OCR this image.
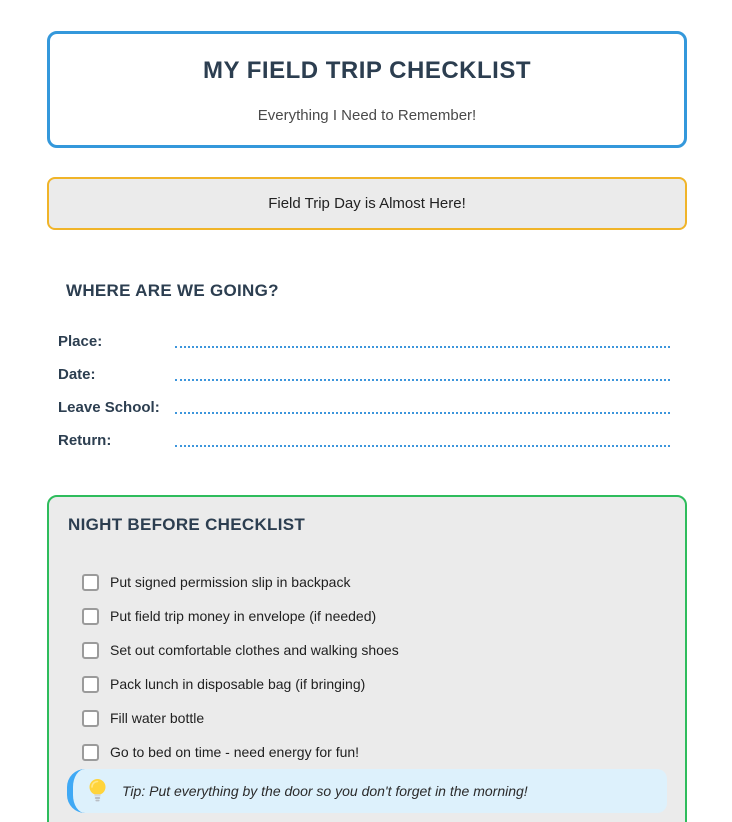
MY FIELD TRIP CHECKLIST
Everything I Need to Remember!
Field Trip Day is Almost Here!
WHERE ARE WE GOING?
Place:
Date:
Leave School:
Return:
NIGHT BEFORE CHECKLIST
Put signed permission slip in backpack
Put field trip money in envelope (if needed)
Set out comfortable clothes and walking shoes
Pack lunch in disposable bag (if bringing)
Fill water bottle
Go to bed on time - need energy for fun!
Tip: Put everything by the door so you don't forget in the morning!
